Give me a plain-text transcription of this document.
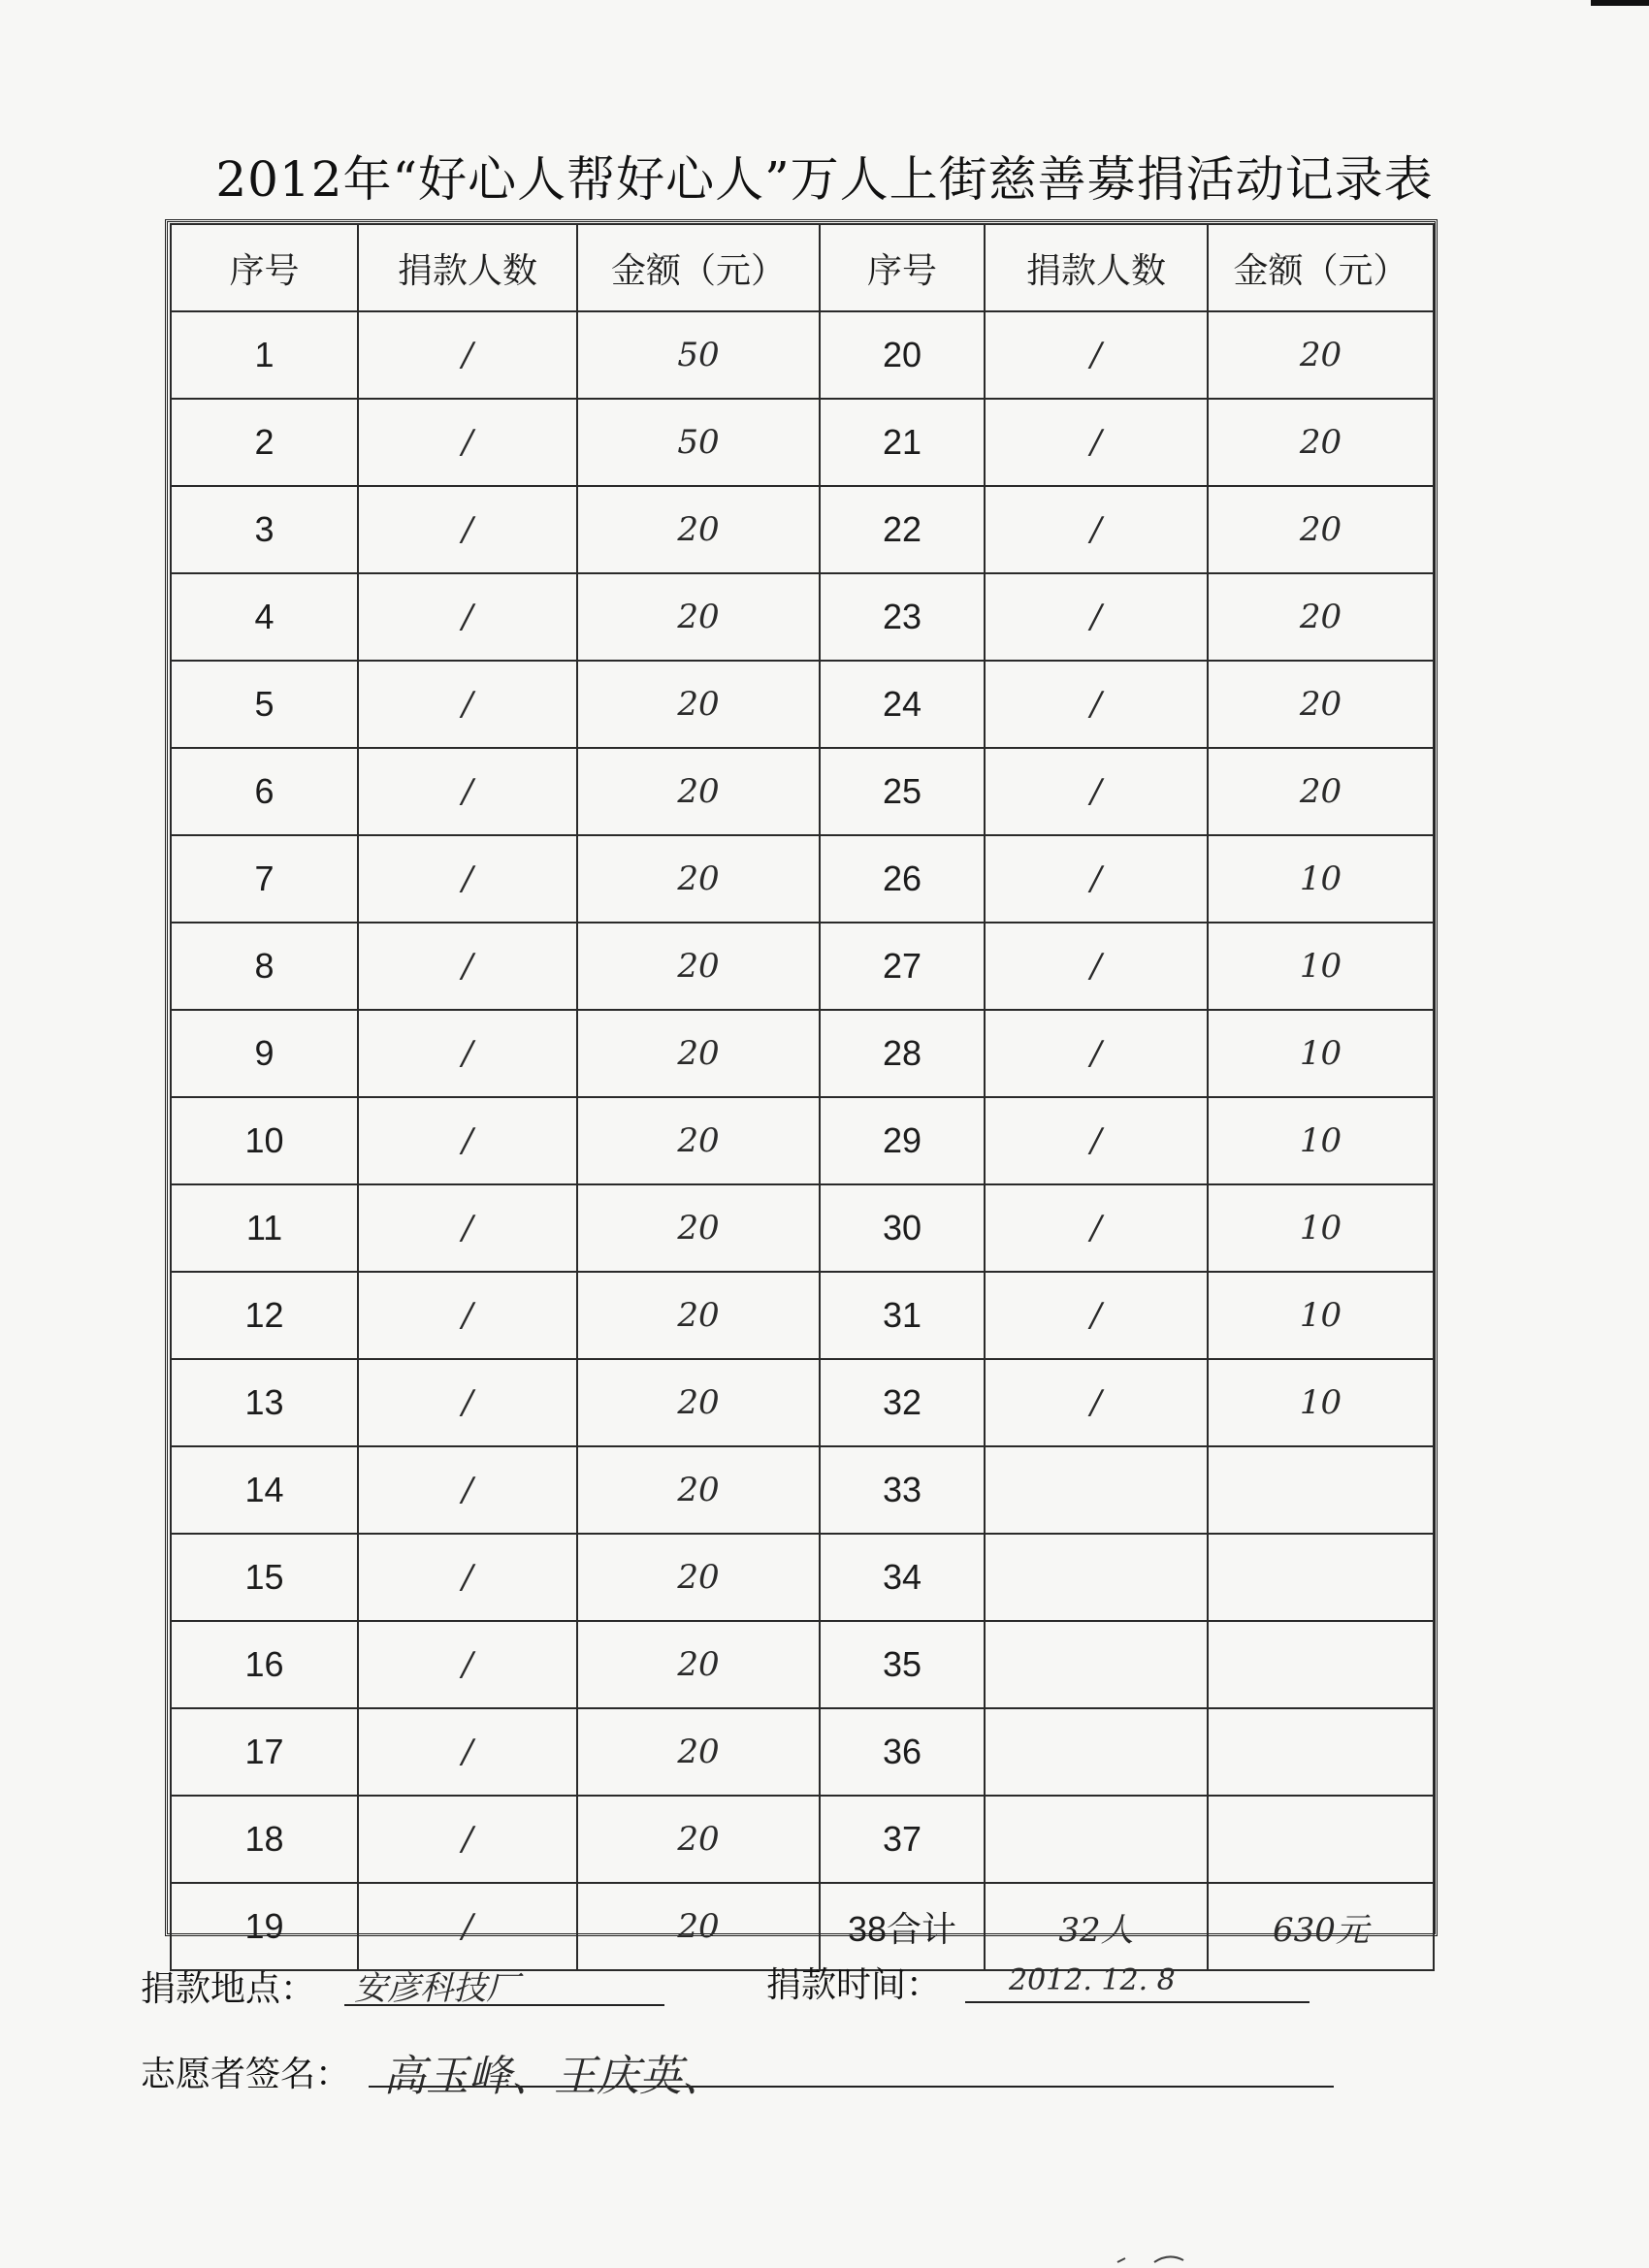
2012年“好心人帮好心人”万人上街慈善募捐活动记录表
序号	捐款人数	金额（元）	序号	捐款人数	金额（元）
1	/	50	20	/	20
2	/	50	21	/	20
3	/	20	22	/	20
4	/	20	23	/	20
5	/	20	24	/	20
6	/	20	25	/	20
7	/	20	26	/	10
8	/	20	27	/	10
9	/	20	28	/	10
10	/	20	29	/	10
11	/	20	30	/	10
12	/	20	31	/	10
13	/	20	32	/	10
14	/	20	33		
15	/	20	34		
16	/	20	35		
17	/	20	36		
18	/	20	37		
19	/	20	38合计	32人	630元
捐款地点： 安彦科技厂	捐款时间： 2012. 12. 8
志愿者签名： 高玉峰、王庆英、
